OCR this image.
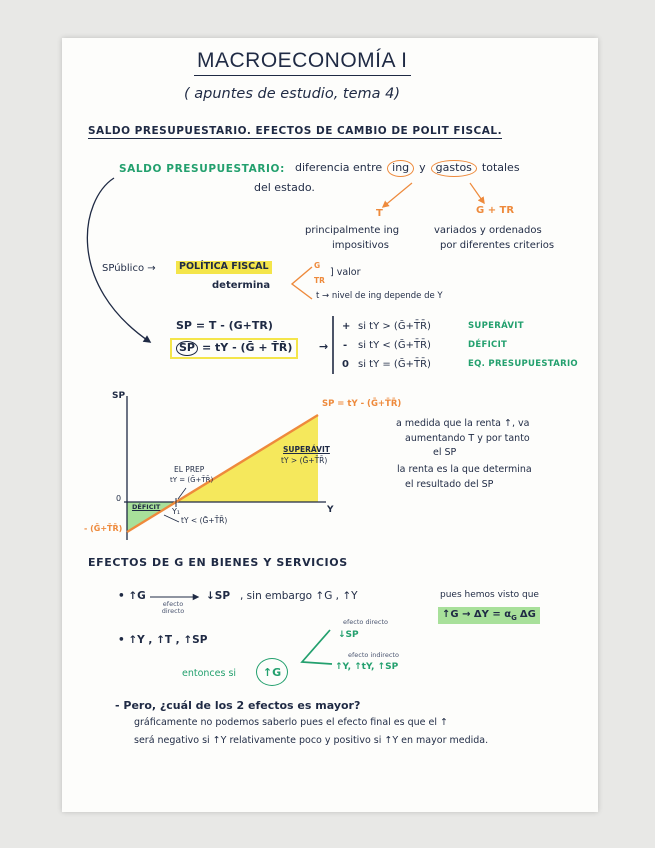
MACROECONOMÍA I
( apuntes de estudio, tema 4)
SALDO PRESUPUESTARIO. EFECTOS DE CAMBIO DE POLIT FISCAL.
SALDO PRESUPUESTARIO: diferencia entre ing y gastos totales
del estado.
T	G + TR
principalmente ing
impositivos
variados y ordenados
por diferentes criterios
SPúblico →	POLÍTICA FISCAL
determina
G
TR
] valor
t → nivel de ing depende de Y
SP = T - (G+TR)
SP = tY - (Ḡ + T̄R̄) →
+ si tY > (Ḡ+T̄R̄)	SUPERÁVIT
- si tY < (Ḡ+T̄R̄)	DÉFICIT
0 si tY = (Ḡ+T̄R̄)	EQ. PRESUPUESTARIO
SP
Y
0
SP = tY - (Ḡ+T̄R̄)
- (Ḡ+T̄R̄)
SUPERÁVIT
tY > (Ḡ+T̄R̄)
DÉFICIT
tY < (Ḡ+T̄R̄)
EL PREP
tY = (Ḡ+T̄R̄)
Y₁
a medida que la renta ↑, va
aumentando T y por tanto
el SP
la renta es la que determina
el resultado del SP
EFECTOS DE G EN BIENES Y SERVICIOS
• ↑G
efecto directo
↓SP , sin embargo ↑G , ↑Y	pues hemos visto que
↑G → $\Delta Y = \alpha_G$ ΔG
• ↑Y , ↑T , ↑SP
efecto directo
↓SP
efecto indirecto
↑Y, ↑tY, ↑SP
entonces si	↑G
- Pero, ¿cuál de los 2 efectos es mayor?
gráficamente no podemos saberlo pues el efecto final es que el ↑
será negativo si ↑Y relativamente poco y positivo si ↑Y en mayor medida.
